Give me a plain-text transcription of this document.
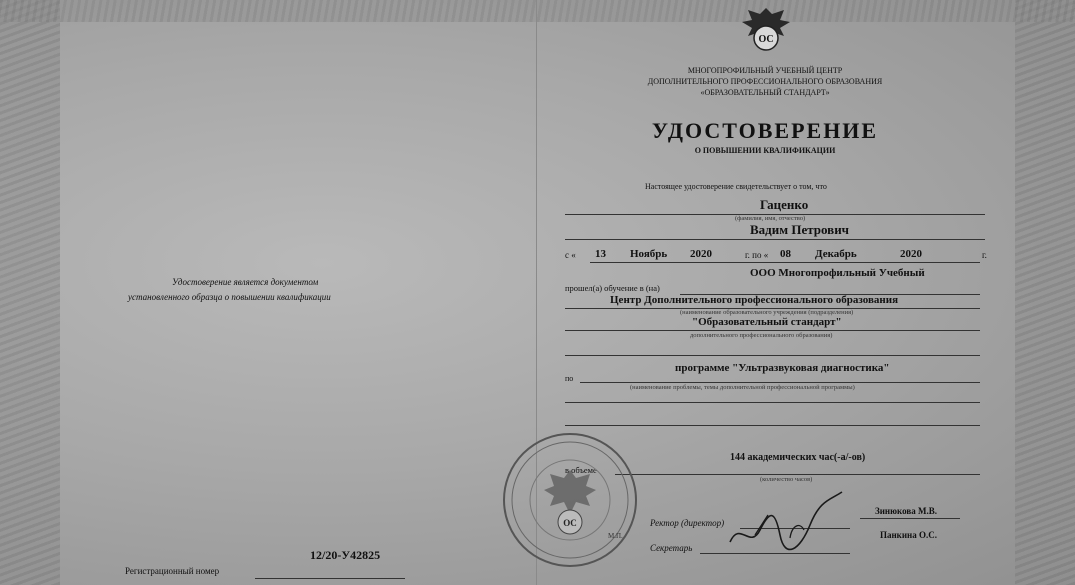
Удостоверение является документом
установленного образца о повышении квалификации
Регистрационный номер
12/20-У42825
ОС
МНОГОПРОФИЛЬНЫЙ УЧЕБНЫЙ ЦЕНТР
ДОПОЛНИТЕЛЬНОГО ПРОФЕССИОНАЛЬНОГО ОБРАЗОВАНИЯ
«ОБРАЗОВАТЕЛЬНЫЙ СТАНДАРТ»
УДОСТОВЕРЕНИЕ
О ПОВЫШЕНИИ КВАЛИФИКАЦИИ
Настоящее удостоверение свидетельствует о том, что
Гаценко
(фамилия, имя, отчество)
Вадим Петрович
с « 13 Ноябрь 2020	г. по « 08 Декабрь	2020	г.
ООО Многопрофильный Учебный
прошел(а) обучение в (на)
Центр Дополнительного профессионального образования
(наименование образовательного учреждения (подразделения)
"Образовательный стандарт"
дополнительного профессионального образования)
программе "Ультразвуковая диагностика"
по
(наименование проблемы, темы дополнительной профессиональной программы)
144 академических час(-а/-ов)
в объеме
(количество часов)
ОС
М.П.
Ректор (директор)
Зинюкова М.В.
Секретарь
Панкина О.С.
